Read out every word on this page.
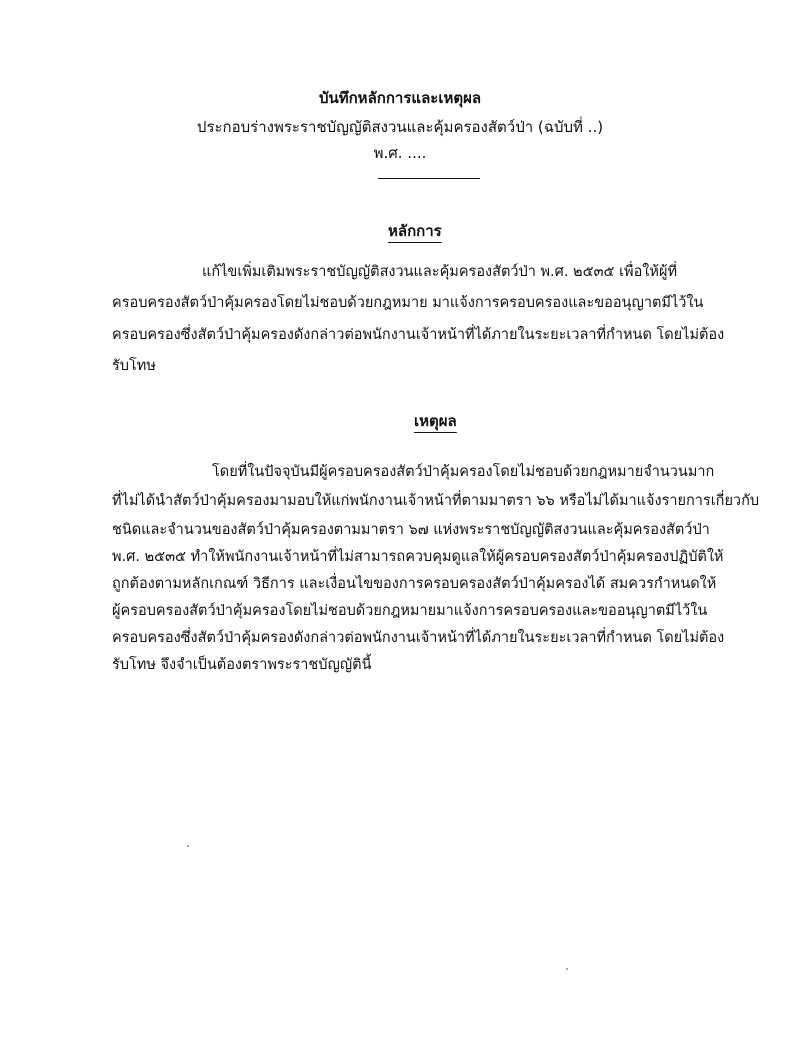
บันทึกหลักการและเหตุผล
ประกอบร่างพระราชบัญญัติสงวนและคุ้มครองสัตว์ป่า (ฉบับที่ ..)
พ.ศ. ....
หลักการ
แก้ไขเพิ่มเติมพระราชบัญญัติสงวนและคุ้มครองสัตว์ป่า พ.ศ. ๒๕๓๕ เพื่อให้ผู้ที่
ครอบครองสัตว์ป่าคุ้มครองโดยไม่ชอบด้วยกฎหมาย มาแจ้งการครอบครองและขออนุญาตมีไว้ใน
ครอบครองซึ่งสัตว์ป่าคุ้มครองดังกล่าวต่อพนักงานเจ้าหน้าที่ได้ภายในระยะเวลาที่กำหนด โดยไม่ต้อง
รับโทษ
เหตุผล
โดยที่ในปัจจุบันมีผู้ครอบครองสัตว์ป่าคุ้มครองโดยไม่ชอบด้วยกฎหมายจำนวนมาก
ที่ไม่ได้นำสัตว์ป่าคุ้มครองมามอบให้แก่พนักงานเจ้าหน้าที่ตามมาตรา ๖๖ หรือไม่ได้มาแจ้งรายการเกี่ยวกับ
ชนิดและจำนวนของสัตว์ป่าคุ้มครองตามมาตรา ๖๗ แห่งพระราชบัญญัติสงวนและคุ้มครองสัตว์ป่า
พ.ศ. ๒๕๓๕ ทำให้พนักงานเจ้าหน้าที่ไม่สามารถควบคุมดูแลให้ผู้ครอบครองสัตว์ป่าคุ้มครองปฏิบัติให้
ถูกต้องตามหลักเกณฑ์ วิธีการ และเงื่อนไขของการครอบครองสัตว์ป่าคุ้มครองได้ สมควรกำหนดให้
ผู้ครอบครองสัตว์ป่าคุ้มครองโดยไม่ชอบด้วยกฎหมายมาแจ้งการครอบครองและขออนุญาตมีไว้ใน
ครอบครองซึ่งสัตว์ป่าคุ้มครองดังกล่าวต่อพนักงานเจ้าหน้าที่ได้ภายในระยะเวลาที่กำหนด โดยไม่ต้อง
รับโทษ จึงจำเป็นต้องตราพระราชบัญญัตินี้
